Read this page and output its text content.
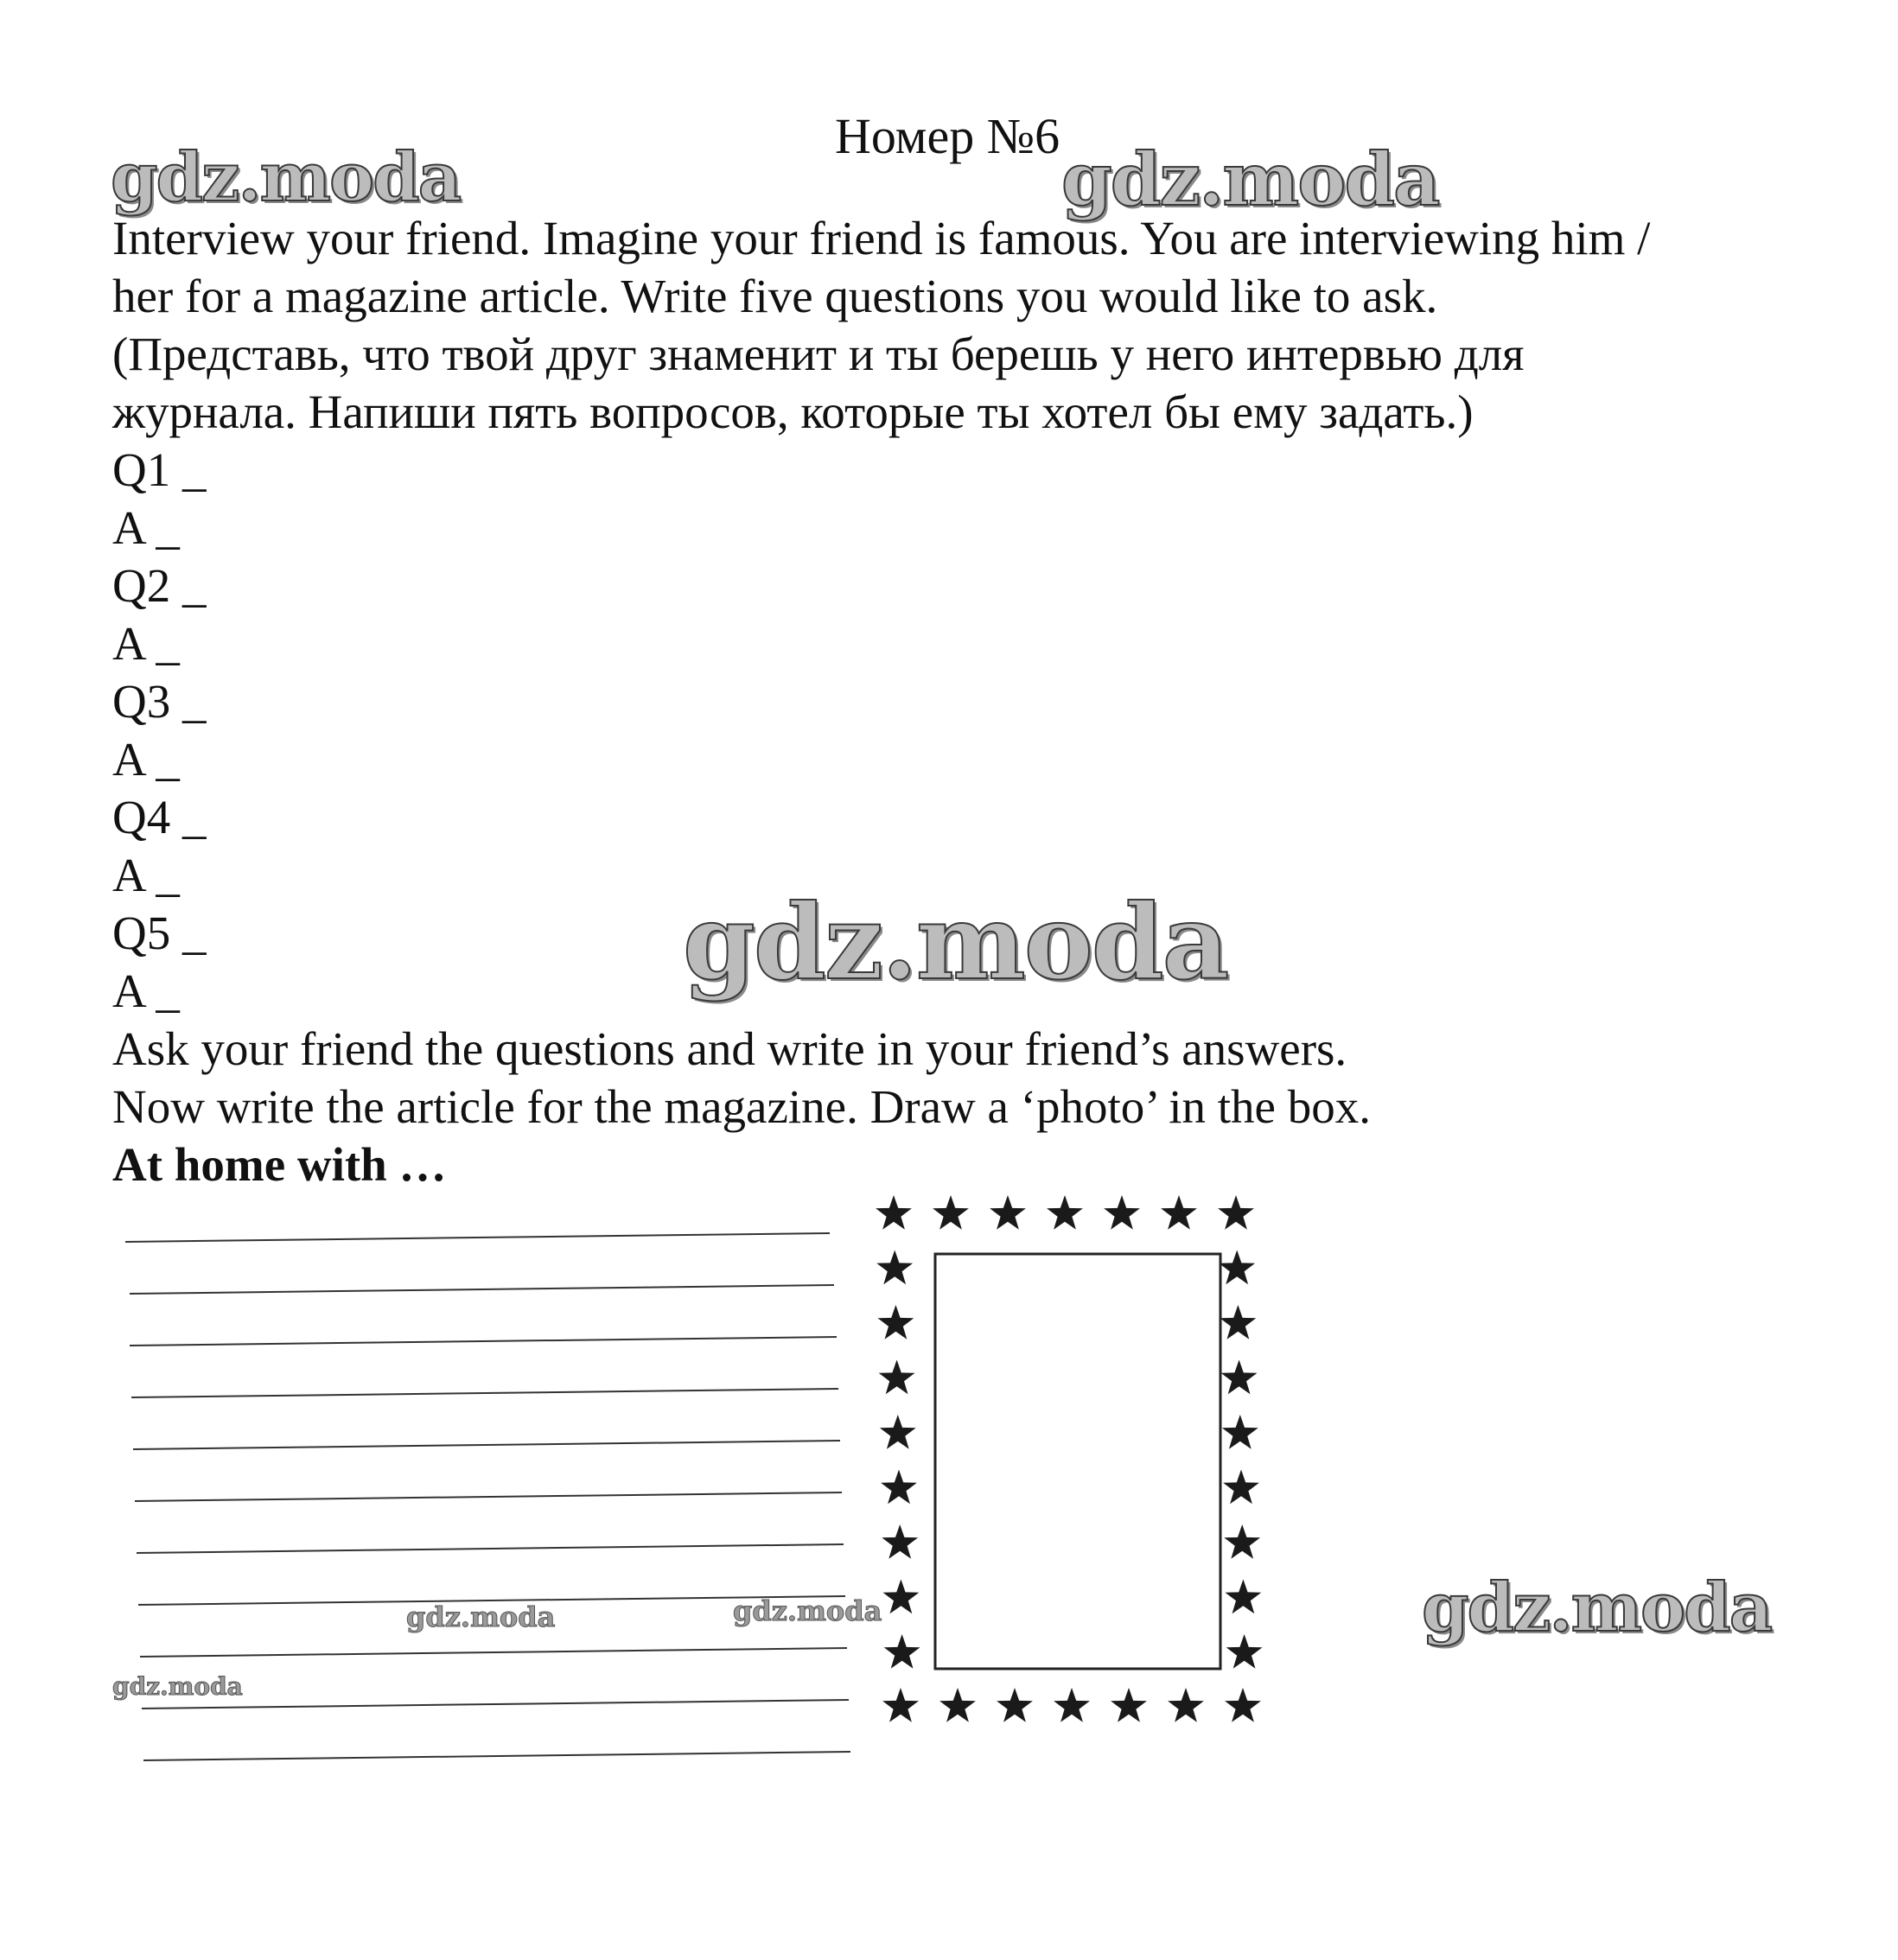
Номер №6
gdz.moda	gdz.moda
gdz.moda
gdz.moda
gdz.moda	gdz.moda
gdz.moda
Interview your friend. Imagine your friend is famous. You are interviewing him /
her for a magazine article. Write five questions you would like to ask.
(Представь, что твой друг знаменит и ты берешь у него интервью для
журнала. Напиши пять вопросов, которые ты хотел бы ему задать.)
Q1 _
A _
Q2 _
A _
Q3 _
A _
Q4 _
A _
Q5 _
A _
Ask your friend the questions and write in your friend’s answers.
Now write the article for the magazine. Draw a ‘photo’ in the box.
At home with …
